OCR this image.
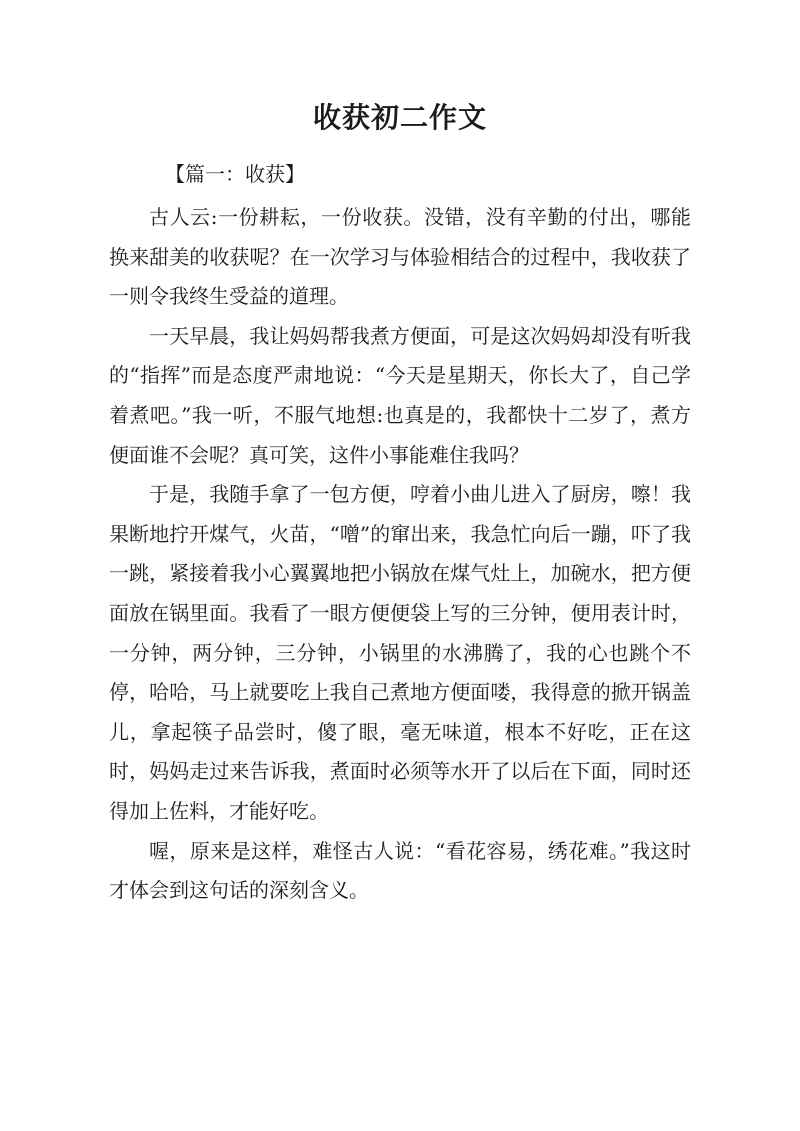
收获初二作文
【篇一：收获】

古人云:一份耕耘，一份收获。没错，没有辛勤的付出，哪能换来甜美的收获呢？在一次学习与体验相结合的过程中，我收获了一则令我终生受益的道理。

一天早晨，我让妈妈帮我煮方便面，可是这次妈妈却没有听我的“指挥”而是态度严肃地说：“今天是星期天，你长大了，自己学着煮吧。”我一听，不服气地想:也真是的，我都快十二岁了，煮方便面谁不会呢？真可笑，这件小事能难住我吗？

于是，我随手拿了一包方便，哼着小曲儿进入了厨房，嚓！我果断地拧开煤气，火苗，“噌”的窜出来，我急忙向后一蹦，吓了我一跳，紧接着我小心翼翼地把小锅放在煤气灶上，加碗水，把方便面放在锅里面。我看了一眼方便便袋上写的三分钟，便用表计时，一分钟，两分钟，三分钟，小锅里的水沸腾了，我的心也跳个不停，哈哈，马上就要吃上我自己煮地方便面喽，我得意的掀开锅盖儿，拿起筷子品尝时，傻了眼，毫无味道，根本不好吃，正在这时，妈妈走过来告诉我，煮面时必须等水开了以后在下面，同时还得加上佐料，才能好吃。

喔，原来是这样，难怪古人说：“看花容易，绣花难。”我这时才体会到这句话的深刻含义。
